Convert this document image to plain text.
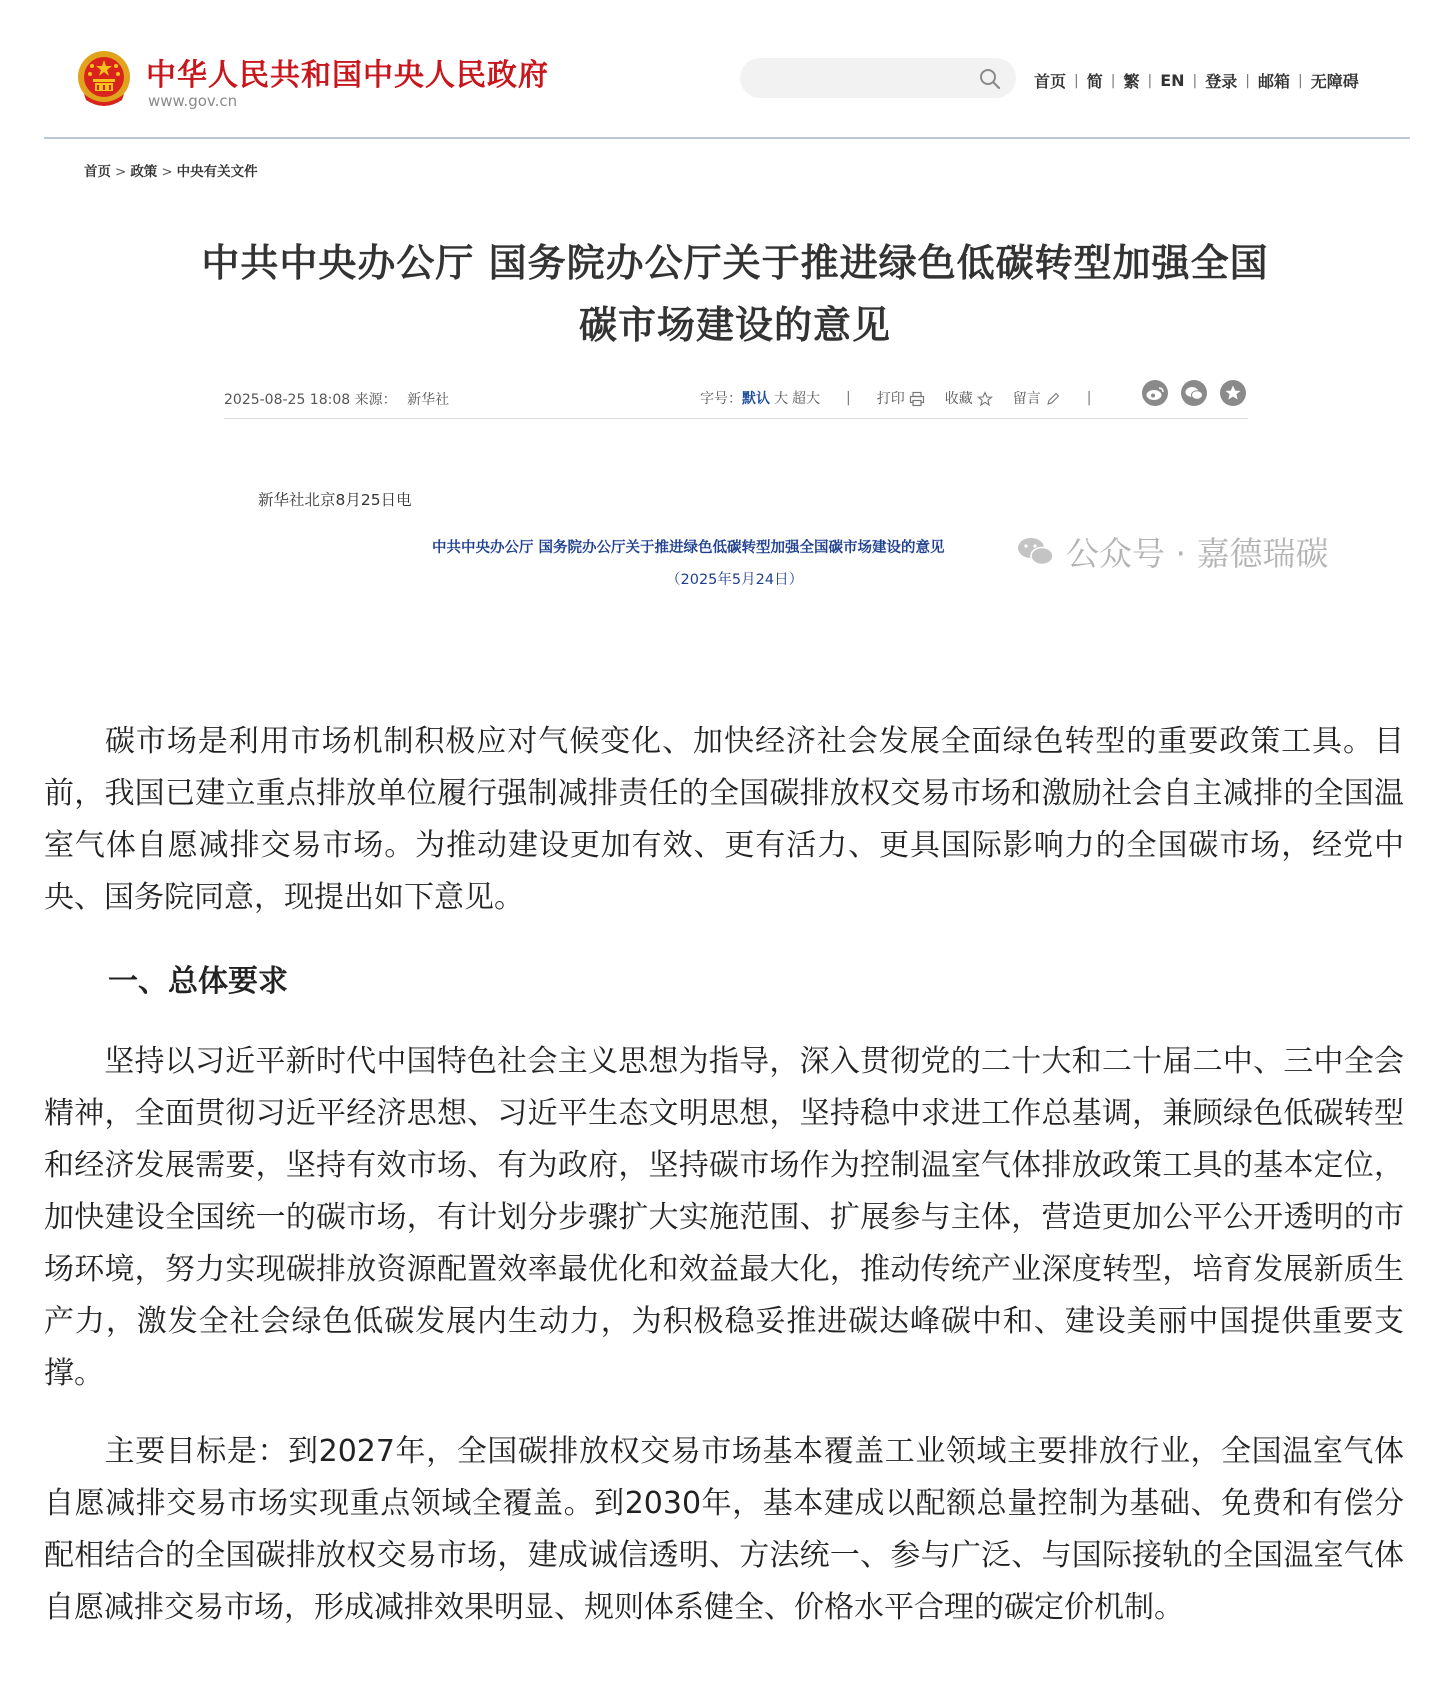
中华人民共和国中央人民政府
www.gov.cn
首页 | 简 | 繁 | EN | 登录 | 邮箱 | 无障碍
首页 > 政策 > 中央有关文件
中共中央办公厅 国务院办公厅关于推进绿色低碳转型加强全国碳市场建设的意见
2025-08-25 18:08 来源： 新华社	字号： 默认 大 超大 | 打印	收藏	留言	|
新华社北京8月25日电
中共中央办公厅 国务院办公厅关于推进绿色低碳转型加强全国碳市场建设的意见
（2025年5月24日）
公众号 · 嘉德瑞碳

碳市场是利用市场机制积极应对气候变化、加快经济社会发展全面绿色转型的重要政策工具。目前，我国已建立重点排放单位履行强制减排责任的全国碳排放权交易市场和激励社会自主减排的全国温室气体自愿减排交易市场。为推动建设更加有效、更有活力、更具国际影响力的全国碳市场，经党中央、国务院同意，现提出如下意见。

一、总体要求

坚持以习近平新时代中国特色社会主义思想为指导，深入贯彻党的二十大和二十届二中、三中全会精神，全面贯彻习近平经济思想、习近平生态文明思想，坚持稳中求进工作总基调，兼顾绿色低碳转型和经济发展需要，坚持有效市场、有为政府，坚持碳市场作为控制温室气体排放政策工具的基本定位，加快建设全国统一的碳市场，有计划分步骤扩大实施范围、扩展参与主体，营造更加公平公开透明的市场环境，努力实现碳排放资源配置效率最优化和效益最大化，推动传统产业深度转型，培育发展新质生产力，激发全社会绿色低碳发展内生动力，为积极稳妥推进碳达峰碳中和、建设美丽中国提供重要支撑。

主要目标是：到2027年，全国碳排放权交易市场基本覆盖工业领域主要排放行业，全国温室气体自愿减排交易市场实现重点领域全覆盖。到2030年，基本建成以配额总量控制为基础、免费和有偿分配相结合的全国碳排放权交易市场，建成诚信透明、方法统一、参与广泛、与国际接轨的全国温室气体自愿减排交易市场，形成减排效果明显、规则体系健全、价格水平合理的碳定价机制。
